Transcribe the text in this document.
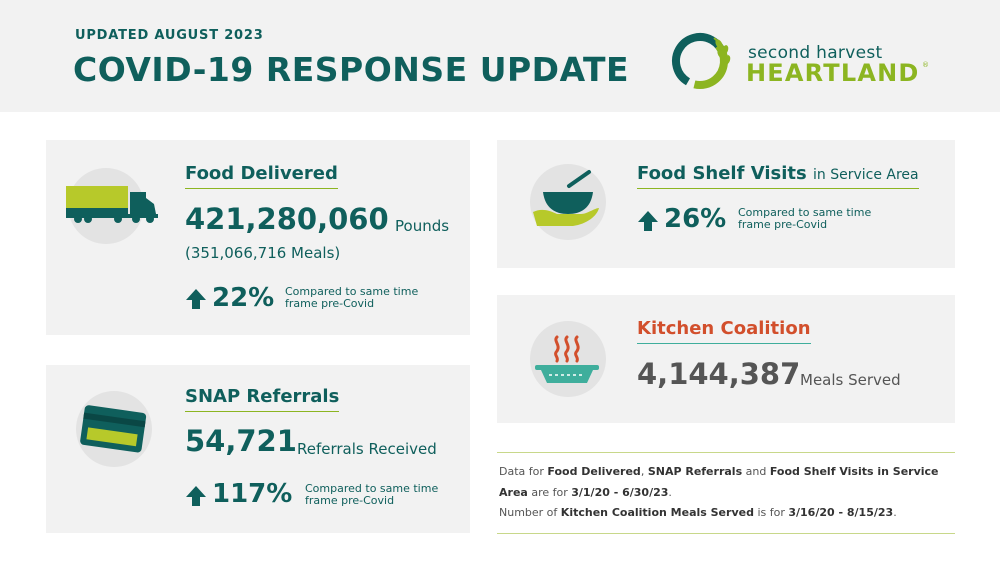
UPDATED AUGUST 2023
COVID-19 RESPONSE UPDATE	second harvest
HEARTLAND ®
Food Delivered
421,280,060 Pounds
(351,066,716 Meals)
22% Compared to same time frame pre-Covid
SNAP Referrals
54,721 Referrals Received
117% Compared to same time frame pre-Covid
Food Shelf Visits in Service Area
26% Compared to same time frame pre-Covid
Kitchen Coalition
4,144,387 Meals Served
Data for Food Delivered, SNAP Referrals and Food Shelf Visits in Service
Area are for 3/1/20 - 6/30/23.
Number of Kitchen Coalition Meals Served is for 3/16/20 - 8/15/23.
